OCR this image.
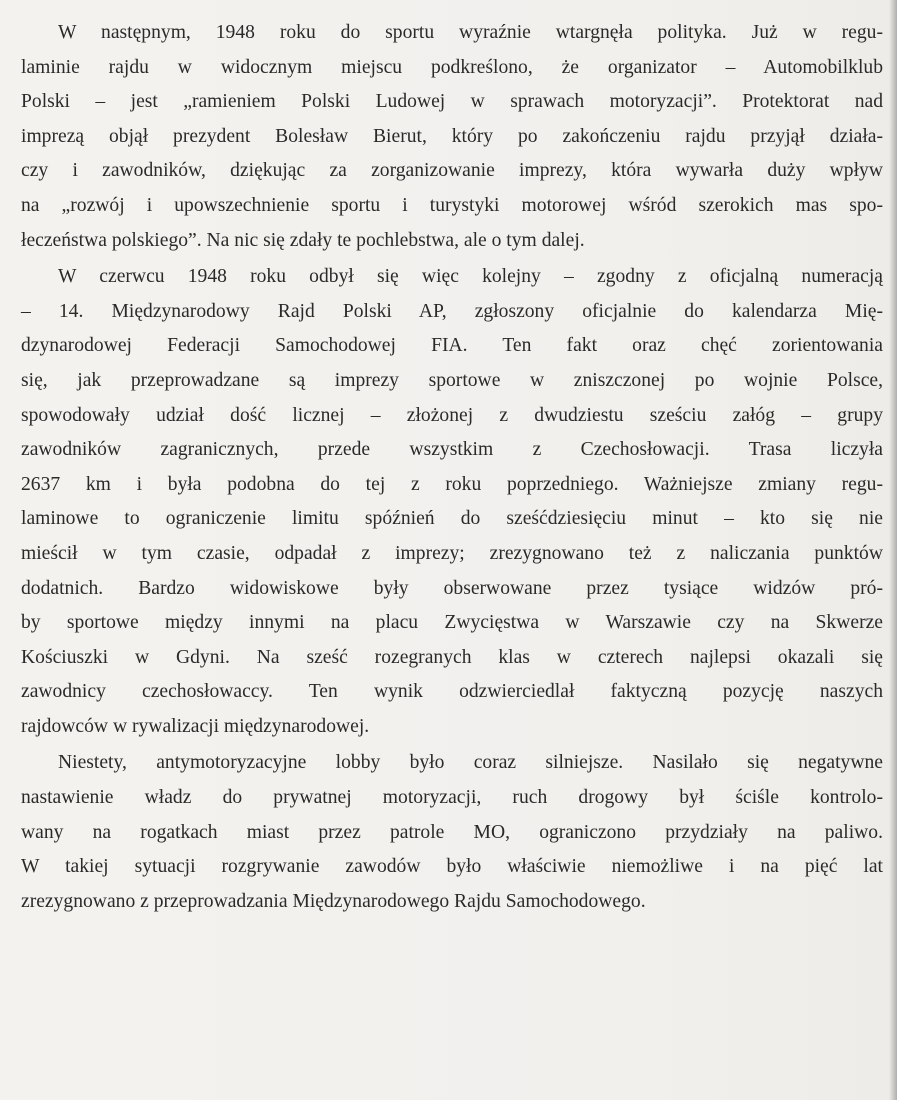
W następnym, 1948 roku do sportu wyraźnie wtargnęła polityka. Już w regu-
laminie rajdu w widocznym miejscu podkreślono, że organizator – Automobilklub
Polski – jest „ramieniem Polski Ludowej w sprawach motoryzacji”. Protektorat nad
imprezą objął prezydent Bolesław Bierut, który po zakończeniu rajdu przyjął działa-
czy i zawodników, dziękując za zorganizowanie imprezy, która wywarła duży wpływ
na „rozwój i upowszechnienie sportu i turystyki motorowej wśród szerokich mas spo-
łeczeństwa polskiego”. Na nic się zdały te pochlebstwa, ale o tym dalej.

W czerwcu 1948 roku odbył się więc kolejny – zgodny z oficjalną numeracją
– 14. Międzynarodowy Rajd Polski AP, zgłoszony oficjalnie do kalendarza Mię-
dzynarodowej Federacji Samochodowej FIA. Ten fakt oraz chęć zorientowania
się, jak przeprowadzane są imprezy sportowe w zniszczonej po wojnie Polsce,
spowodowały udział dość licznej – złożonej z dwudziestu sześciu załóg – grupy
zawodników zagranicznych, przede wszystkim z Czechosłowacji. Trasa liczyła
2637 km i była podobna do tej z roku poprzedniego. Ważniejsze zmiany regu-
laminowe to ograniczenie limitu spóźnień do sześćdziesięciu minut – kto się nie
mieścił w tym czasie, odpadał z imprezy; zrezygnowano też z naliczania punktów
dodatnich. Bardzo widowiskowe były obserwowane przez tysiące widzów pró-
by sportowe między innymi na placu Zwycięstwa w Warszawie czy na Skwerze
Kościuszki w Gdyni. Na sześć rozegranych klas w czterech najlepsi okazali się
zawodnicy czechosłowaccy. Ten wynik odzwierciedlał faktyczną pozycję naszych
rajdowców w rywalizacji międzynarodowej.

Niestety, antymotoryzacyjne lobby było coraz silniejsze. Nasilało się negatywne
nastawienie władz do prywatnej motoryzacji, ruch drogowy był ściśle kontrolo-
wany na rogatkach miast przez patrole MO, ograniczono przydziały na paliwo.
W takiej sytuacji rozgrywanie zawodów było właściwie niemożliwe i na pięć lat
zrezygnowano z przeprowadzania Międzynarodowego Rajdu Samochodowego.
